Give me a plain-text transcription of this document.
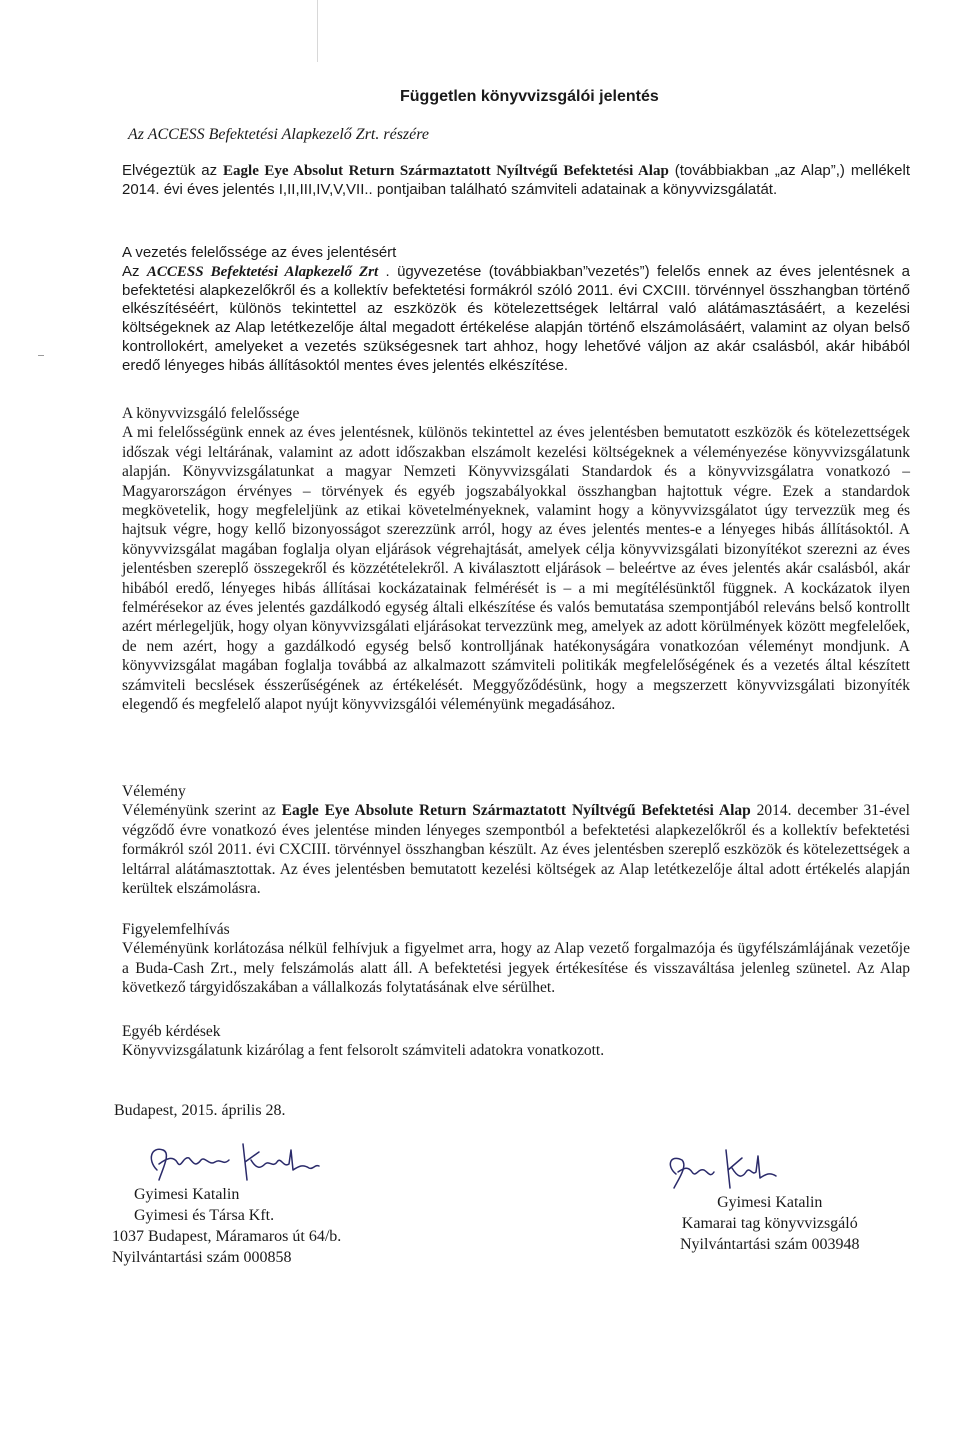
Független könyvvizsgálói jelentés
Az ACCESS Befektetési Alapkezelő Zrt. részére

Elvégeztük az Eagle Eye Absolut Return Származtatott Nyíltvégű Befektetési Alap (továbbiakban „az Alap”,) mellékelt 2014. évi éves jelentés I,II,III,IV,V,VII.. pontjaiban található számviteli adatainak a könyvvizsgálatát.

A vezetés felelőssége az éves jelentésért

Az ACCESS Befektetési Alapkezelő Zrt . ügyvezetése (továbbiakban”vezetés”) felelős ennek az éves jelentésnek a befektetési alapkezelőkről és a kollektív befektetési formákról szóló 2011. évi CXCIII. törvénnyel összhangban történő elkészítéséért, különös tekintettel az eszközök és kötelezettségek leltárral való alátámasztásáért, a kezelési költségeknek az Alap letétkezelője által megadott értékelése alapján történő elszámolásáért, valamint az olyan belső kontrollokért, amelyeket a vezetés szükségesnek tart ahhoz, hogy lehetővé váljon az akár csalásból, akár hibából eredő lényeges hibás állításoktól mentes éves jelentés elkészítése.

A könyvvizsgáló felelőssége

A mi felelősségünk ennek az éves jelentésnek, különös tekintettel az éves jelentésben bemutatott eszközök és kötelezettségek időszak végi leltárának, valamint az adott időszakban elszámolt kezelési költségeknek a véleményezése könyvvizsgálatunk alapján. Könyvvizsgálatunkat a magyar Nemzeti Könyvvizsgálati Standardok és a könyvvizsgálatra vonatkozó – Magyarországon érvényes – törvények és egyéb jogszabályokkal összhangban hajtottuk végre. Ezek a standardok megkövetelik, hogy megfeleljünk az etikai követelményeknek, valamint hogy a könyvvizsgálatot úgy tervezzük meg és hajtsuk végre, hogy kellő bizonyosságot szerezzünk arról, hogy az éves jelentés mentes-e a lényeges hibás állításoktól. A könyvvizsgálat magában foglalja olyan eljárások végrehajtását, amelyek célja könyvvizsgálati bizonyítékot szerezni az éves jelentésben szereplő összegekről és közzétételekről. A kiválasztott eljárások – beleértve az éves jelentés akár csalásból, akár hibából eredő, lényeges hibás állításai kockázatainak felmérését is – a mi megítélésünktől függnek. A kockázatok ilyen felmérésekor az éves jelentés gazdálkodó egység általi elkészítése és valós bemutatása szempontjából releváns belső kontrollt azért mérlegeljük, hogy olyan könyvvizsgálati eljárásokat tervezzünk meg, amelyek az adott körülmények között megfelelőek, de nem azért, hogy a gazdálkodó egység belső kontrolljának hatékonyságára vonatkozóan véleményt mondjunk. A könyvvizsgálat magában foglalja továbbá az alkalmazott számviteli politikák megfelelőségének és a vezetés által készített számviteli becslések ésszerűségének az értékelését. Meggyőződésünk, hogy a megszerzett könyvvizsgálati bizonyíték elegendő és megfelelő alapot nyújt könyvvizsgálói véleményünk megadásához.

Vélemény

Véleményünk szerint az Eagle Eye Absolute Return Származtatott Nyíltvégű Befektetési Alap 2014. december 31-ével végződő évre vonatkozó éves jelentése minden lényeges szempontból a befektetési alapkezelőkről és a kollektív befektetési formákról szól 2011. évi CXCIII. törvénnyel összhangban készült. Az éves jelentésben szereplő eszközök és kötelezettségek a leltárral alátámasztottak. Az éves jelentésben bemutatott kezelési költségek az Alap letétkezelője által adott értékelés alapján kerültek elszámolásra.

Figyelemfelhívás

Véleményünk korlátozása nélkül felhívjuk a figyelmet arra, hogy az Alap vezető forgalmazója és ügyfélszámlájának vezetője a Buda-Cash Zrt., mely felszámolás alatt áll. A befektetési jegyek értékesítése és visszaváltása jelenleg szünetel. Az Alap következő tárgyidőszakában a vállalkozás folytatásának elve sérülhet.

Egyéb kérdések

Könyvvizsgálatunk kizárólag a fent felsorolt számviteli adatokra vonatkozott.

Budapest, 2015. április 28.
Gyimesi Katalin
Gyimesi és Társa Kft.
1037 Budapest, Máramaros út 64/b.
Nyilvántartási szám 000858
Gyimesi Katalin
Kamarai tag könyvvizsgáló
Nyilvántartási szám 003948
